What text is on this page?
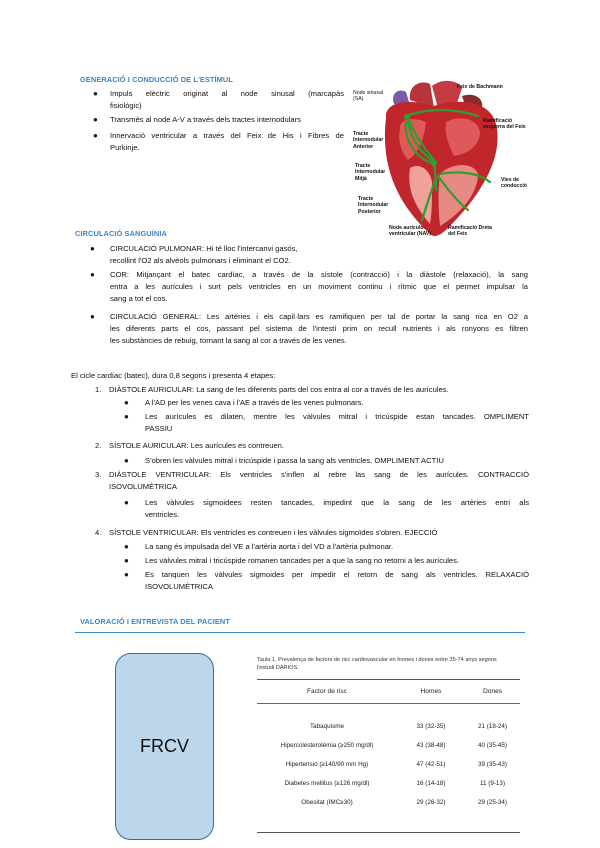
GENERACIÓ I CONDUCCIÓ DE L'ESTÍMUL
● Impuls elèctric originat al node sinusal (marcapàs
fisiològic)
● Transmès al node A-V a través dels tractes internodulars
● Innervació ventricular a través del Feix de His i Fibres de
Purkinje.
Node sinusal
(SA)
Feix de Bachmann
Ramificació
esquerra del Feix
Tracte
Internodular
Anterior
Tracte
Internodular
Mitjà
Tracte
Internodular
Posterior
Vies de
conducció
Node auriculo-
ventricular (NAV)
Ramificació Dreta
del Feix
CIRCULACIÓ SANGUÍNIA
● CIRCULACIÓ PULMONAR: Hi té lloc l'intercanvi gasós,
recollint l'O2 als alvèols pulmonars i eliminant el CO2.
● COR: Mitjançant el batec cardíac, a través de la sístole (contracció) i la diàstole (relaxació), la sang
entra a les aurícules i surt pels ventricles en un moviment continu i rítmic que el permet impulsar la
sang a tot el cos.
● CIRCULACIÓ GENERAL: Les artèries i els capil·lars es ramifiquen per tal de portar la sang rica en O2 a
les diferents parts el cos, passant pel sistema de l'intestí prim on recull nutrients i als ronyons es filtren
les substàncies de rebuig, tornant la sang al cor a través de les venes.
El cicle cardíac (batec), dura 0,8 segons i presenta 4 etapes:
1. DIÀSTOLE AURICULAR: La sang de les diferents parts del cos entra al cor a través de les aurícules.
● A l'AD per les venes cava i l'AE a través de les venes pulmonars.
● Les aurícules es dilaten, mentre les vàlvules mitral i tricúspide estan tancades. OMPLIMENT
PASSIU
2. SÍSTOLE AURICULAR: Les aurícules es contreuen.
● S'obren les vàlvules mitral i tricúspide i passa la sang als ventricles. OMPLIMENT ACTIU
3. DIÀSTOLE VENTRICULAR: Els ventricles s'inflen al rebre las sang de les aurícules. CONTRACCIÓ
ISOVOLUMÈTRICA
● Les vàlvules sigmoidees resten tancades, impedint que la sang de les artèries entri als
ventricles.
4. SÍSTOLE VENTRICULAR: Els ventricles es contreuen i les vàlvules sigmoïdes s'obren. EJECCIÓ
● La sang és impulsada del VE a l'artèria aorta i del VD a l'artèria pulmonar.
● Les vàlvules mitral i tricúspide romanen tancades per a que la sang no retorni a les aurícules.
● Es tanquen les vàlvules sigmoides per impedir el retorn de sang als ventricles. RELAXACIÓ
ISOVOLUMÈTRICA
VALORACIÓ I ENTREVISTA DEL PACIENT
FRCV
Taula 1. Prevalença de factors de risc cardiovascular en homes i dones entre 35-74 anys segons
l'estudi DARIOS.
Factor de risc	Homes	Dones
Tabaquisme	33 (32-35)	21 (18-24)
Hipercolesterolèmia (≥250 mg/dl)	43 (38-48)	40 (35-45)
Hipertensió (≥140/90 mm Hg)	47 (42-51)	39 (35-43)
Diabetes mellitus (≥126 mg/dl)	16 (14-18)	11 (9-13)
Obesitat (IMC≥30)	29 (26-32)	29 (25-34)
